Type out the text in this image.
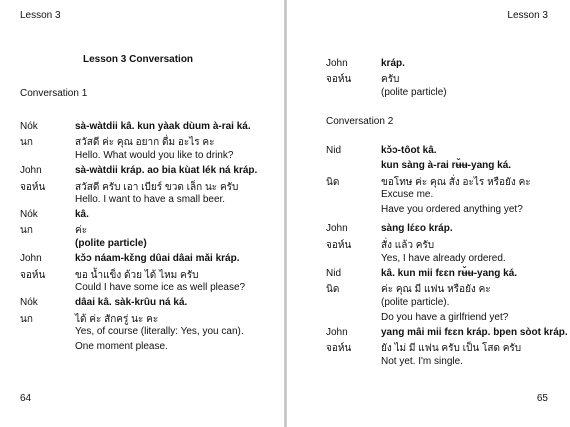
Lesson 3
Lesson 3 Conversation
Conversation 1
Nók
นก
sà-wàtdii kâ. kun yàak dùum à-rai ká.
สวัสดี ค่ะ คุณ อยาก ดื่ม อะไร คะ
Hello. What would you like to drink?
John
จอห์น
sà-wàtdii kráp. ao bia kùat lék ná kráp.
สวัสดี ครับ เอา เบียร์ ขวด เล็ก นะ ครับ
Hello. I want to have a small beer.
Nók
นก
kâ.
ค่ะ
(polite particle)
John
จอห์น
kɔ̌ɔ náam-kɛ̌ng dûai dâai mǎi kráp.
ขอ น้ำแข็ง ด้วย ได้ ไหม ครับ
Could I have some ice as well please?
Nók
นก
dâai kâ. sàk-krûu ná ká.
ได้ ค่ะ สักครู่ นะ คะ
Yes, of course (literally: Yes, you can).
One moment please.
64
Lesson 3
John
จอห์น
kráp.
ครับ
(polite particle)
Conversation 2
Nid
นิด
kɔ̌ɔ-tôot kâ.
kun sàng à-rai rʉ̌ʉ-yang ká.
ขอโทษ ค่ะ คุณ สั่ง อะไร หรือยัง คะ
Excuse me.
Have you ordered anything yet?
John
จอห์น
sàng lɛ́ɛo kráp.
สั่ง แล้ว ครับ
Yes, I have already ordered.
Nid
นิด
kâ. kun mii fɛɛn rʉ̌ʉ-yang ká.
ค่ะ คุณ มี แฟน หรือยัง คะ
(polite particle).
Do you have a girlfriend yet?
John
จอห์น
yang mâi mii fɛɛn kráp. bpen sòot kráp.
ยัง ไม่ มี แฟน ครับ เป็น โสด ครับ
Not yet. I'm single.
65
